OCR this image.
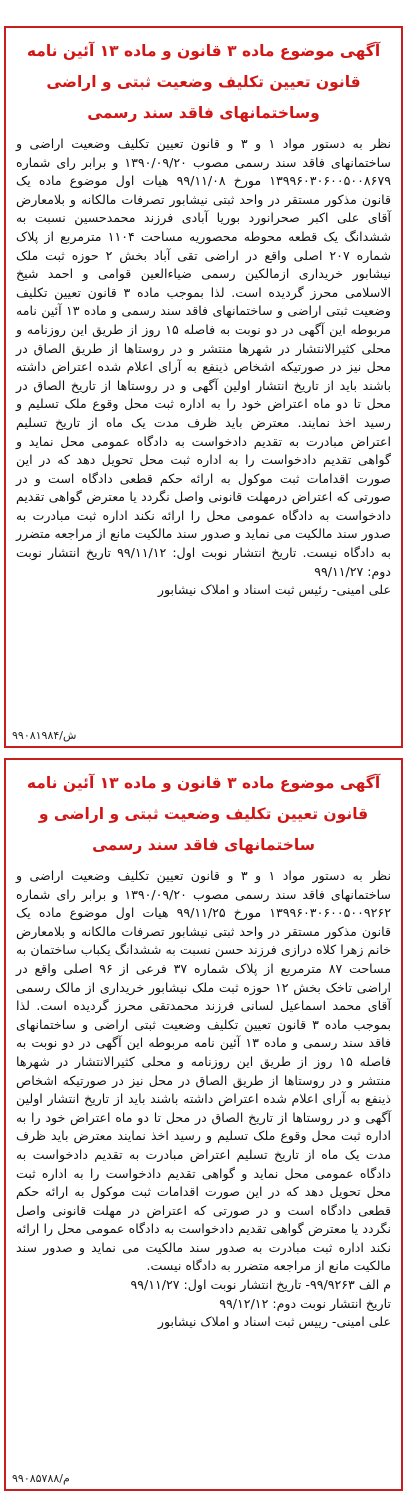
آگهی موضوع ماده ۳ قانون و ماده ۱۳ آئین نامه قانون تعیین تکلیف وضعیت ثبتی و اراضی وساختمانهای فاقد سند رسمی

نظر به دستور مواد ۱ و ۳ و قانون تعیین تکلیف وضعیت اراضی و ساختمانهای فاقد سند رسمی مصوب ۱۳۹۰/۰۹/۲۰ و برابر رای شماره ۱۳۹۹۶۰۳۰۶۰۰۵۰۰۸۶۷۹ مورخ ۹۹/۱۱/۰۸ هیات اول موضوع ماده یک قانون مذکور مستقر در واحد ثبتی نیشابور تصرفات مالکانه و بلامعارض آقای علی اکبر صحرانورد بوریا آبادی فرزند محمدحسین نسبت به ششدانگ یک قطعه محوطه محصوریه مساحت ۱۱۰۴ مترمربع از پلاک شماره ۲۰۷ اصلی واقع در اراضی تقی آباد بخش ۲ حوزه ثبت ملک نیشابور خریداری ازمالکین رسمی ضیاءالعین قوامی و احمد شیخ الاسلامی محرز گردیده است. لذا بموجب ماده ۳ قانون تعیین تکلیف وضعیت ثبتی اراضی و ساختمانهای فاقد سند رسمی و ماده ۱۳ آئین نامه مربوطه این آگهی در دو نوبت به فاصله ۱۵ روز از طریق این روزنامه و محلی کثیرالانتشار در شهرها منتشر و در روستاها از طریق الصاق در محل نیز در صورتیکه اشخاص ذینفع به آرای اعلام شده اعتراض داشته باشند باید از تاریخ انتشار اولین آگهی و در روستاها از تاریخ الصاق در محل تا دو ماه اعتراض خود را به اداره ثبت محل وقوع ملک تسلیم و رسید اخذ نمایند. معترض باید ظرف مدت یک ماه از تاریخ تسلیم اعتراض مبادرت به تقدیم دادخواست به دادگاه عمومی محل نماید و گواهی تقدیم دادخواست را به اداره ثبت محل تحویل دهد که در این صورت اقدامات ثبت موکول به ارائه حکم قطعی دادگاه است و در صورتی که اعتراض درمهلت قانونی واصل نگردد یا معترض گواهی تقدیم دادخواست به دادگاه عمومی محل را ارائه نکند اداره ثبت مبادرت به صدور سند مالکیت می نماید و صدور سند مالکیت مانع از مراجعه متضرر به دادگاه نیست. تاریخ انتشار نوبت اول: ۹۹/۱۱/۱۲ تاریخ انتشار نوبت دوم: ۹۹/۱۱/۲۷

علی امینی- رئیس ثبت اسناد و املاک نیشابور
۹۹۰۸۱۹۸۴/ش
آگهی موضوع ماده ۳ قانون و ماده ۱۳ آئین نامه قانون تعیین تکلیف وضعیت ثبتی و اراضی و ساختمانهای فاقد سند رسمی

نظر به دستور مواد ۱ و ۳ و قانون تعیین تکلیف وضعیت اراضی و ساختمانهای فاقد سند رسمی مصوب ۱۳۹۰/۰۹/۲۰ و برابر رای شماره ۱۳۹۹۶۰۳۰۶۰۰۵۰۰۹۲۶۲ مورخ ۹۹/۱۱/۲۵ هیات اول موضوع ماده یک قانون مذکور مستقر در واحد ثبتی نیشابور تصرفات مالکانه و بلامعارض خانم زهرا کلاه درازی فرزند حسن نسبت به ششدانگ یکباب ساختمان به مساحت ۸۷ مترمربع از پلاک شماره ۳۷ فرعی از ۹۶ اصلی واقع در اراضی تاخک بخش ۱۲ حوزه ثبت ملک نیشابور خریداری از مالک رسمی آقای محمد اسماعیل لسانی فرزند محمدتقی محرز گردیده است. لذا بموجب ماده ۳ قانون تعیین تکلیف وضعیت ثبتی اراضی و ساختمانهای فاقد سند رسمی و ماده ۱۳ آئین نامه مربوطه این آگهی در دو نوبت به فاصله ۱۵ روز از طریق این روزنامه و محلی کثیرالانتشار در شهرها منتشر و در روستاها از طریق الصاق در محل نیز در صورتیکه اشخاص ذینفع به آرای اعلام شده اعتراض داشته باشند باید از تاریخ انتشار اولین آگهی و در روستاها از تاریخ الصاق در محل تا دو ماه اعتراض خود را به اداره ثبت محل وقوع ملک تسلیم و رسید اخذ نمایند معترض باید ظرف مدت یک ماه از تاریخ تسلیم اعتراض مبادرت به تقدیم دادخواست به دادگاه عمومی محل نماید و گواهی تقدیم دادخواست را به اداره ثبت محل تحویل دهد که در این صورت اقدامات ثبت موکول به ارائه حکم قطعی دادگاه است و در صورتی که اعتراض در مهلت قانونی واصل نگردد یا معترض گواهی تقدیم دادخواست به دادگاه عمومی محل را ارائه نکند اداره ثبت مبادرت به صدور سند مالکیت می نماید و صدور سند مالکیت مانع از مراجعه متضرر به دادگاه نیست.

م الف ۹۹/۹۲۶۳- تاریخ انتشار نوبت اول: ۹۹/۱۱/۲۷
تاریخ انتشار نوبت دوم: ۹۹/۱۲/۱۲
علی امینی- رییس ثبت اسناد و املاک نیشابور
۹۹۰۸۵۷۸۸/م
